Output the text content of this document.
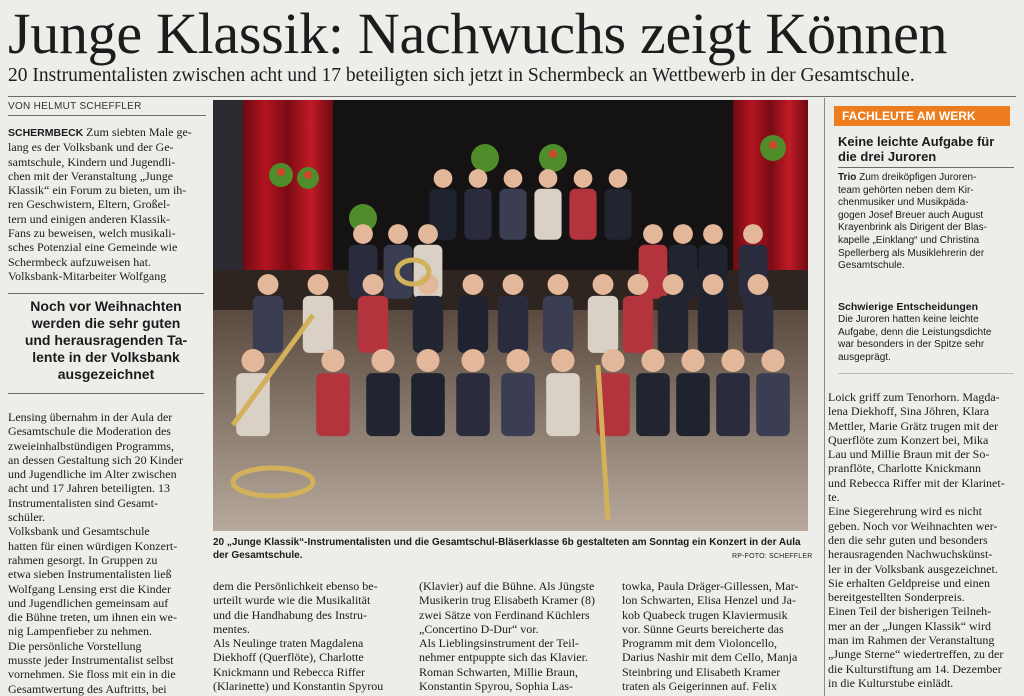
Junge Klassik: Nachwuchs zeigt Können

20 Instrumentalisten zwischen acht und 17 beteiligten sich jetzt in Schermbeck an Wettbewerb in der Gesamtschule.

VON HELMUT SCHEFFLER
SCHERMBECK Zum siebten Male ge-
lang es der Volksbank und der Ge-
samtschule, Kindern und Jugendli-
chen mit der Veranstaltung „Junge
Klassik“ ein Forum zu bieten, um ih-
ren Geschwistern, Eltern, Großel-
tern und einigen anderen Klassik-
Fans zu beweisen, welch musikali-
sches Potenzial eine Gemeinde wie
Schermbeck aufzuweisen hat.
Volksbank-Mitarbeiter Wolfgang
Noch vor Weihnachten
werden die sehr guten
und herausragenden Ta-
lente in der Volksbank
ausgezeichnet
Lensing übernahm in der Aula der
Gesamtschule die Moderation des
zweieinhalbstündigen Programms,
an dessen Gestaltung sich 20 Kinder
und Jugendliche im Alter zwischen
acht und 17 Jahren beteiligten. 13
Instrumentalisten sind Gesamt-
schüler.
Volksbank und Gesamtschule
hatten für einen würdigen Konzert-
rahmen gesorgt. In Gruppen zu
etwa sieben Instrumentalisten ließ
Wolfgang Lensing erst die Kinder
und Jugendlichen gemeinsam auf
die Bühne treten, um ihnen ein we-
nig Lampenfieber zu nehmen.
Die persönliche Vorstellung
musste jeder Instrumentalist selbst
vornehmen. Sie floss mit ein in die
Gesamtwertung des Auftritts, bei
20 „Junge Klassik“-Instrumentalisten und die Gesamtschul-Bläserklasse 6b gestalteten am Sonntag ein Konzert in der Aula
der Gesamtschule.	RP-FOTO: SCHEFFLER
dem die Persönlichkeit ebenso be-
urteilt wurde wie die Musikalität
und die Handhabung des Instru-
mentes.
Als Neulinge traten Magdalena
Diekhoff (Querflöte), Charlotte
Knickmann und Rebecca Riffer
(Klarinette) und Konstantin Spyrou
(Klavier) auf die Bühne. Als Jüngste
Musikerin trug Elisabeth Kramer (8)
zwei Sätze von Ferdinand Küchlers
„Concertino D-Dur“ vor.
Als Lieblingsinstrument der Teil-
nehmer entpuppte sich das Klavier.
Roman Schwarten, Millie Braun,
Konstantin Spyrou, Sophia Las-
towka, Paula Dräger-Gillessen, Mar-
lon Schwarten, Elisa Henzel und Ja-
kob Quabeck trugen Klaviermusik
vor. Sünne Geurts bereicherte das
Programm mit dem Violoncello,
Darius Nashir mit dem Cello, Manja
Steinbring und Elisabeth Kramer
traten als Geigerinnen auf. Felix
Loick griff zum Tenorhorn. Magda-
lena Diekhoff, Sina Jöhren, Klara
Mettler, Marie Grätz trugen mit der
Querflöte zum Konzert bei, Mika
Lau und Millie Braun mit der So-
pranflöte, Charlotte Knickmann
und Rebecca Riffer mit der Klarinet-
te.
Eine Siegerehrung wird es nicht
geben. Noch vor Weihnachten wer-
den die sehr guten und besonders
herausragenden Nachwuchskünst-
ler in der Volksbank ausgezeichnet.
Sie erhalten Geldpreise und einen
bereitgestellten Sonderpreis.
Einen Teil der bisherigen Teilneh-
mer an der „Jungen Klassik“ wird
man im Rahmen der Veranstaltung
„Junge Sterne“ wiedertreffen, zu der
die Kulturstiftung am 14. Dezember
in die Kulturstube einlädt.
FACHLEUTE AM WERK
Keine leichte Aufgabe für
die drei Juroren
Trio Zum dreiköpfigen Juroren-
team gehörten neben dem Kir-
chenmusiker und Musikpäda-
gogen Josef Breuer auch August
Krayenbrink als Dirigent der Blas-
kapelle „Einklang“ und Christina
Spellerberg als Musiklehrerin der
Gesamtschule.
Schwierige Entscheidungen
Die Juroren hatten keine leichte
Aufgabe, denn die Leistungsdichte
war besonders in der Spitze sehr
ausgeprägt.
